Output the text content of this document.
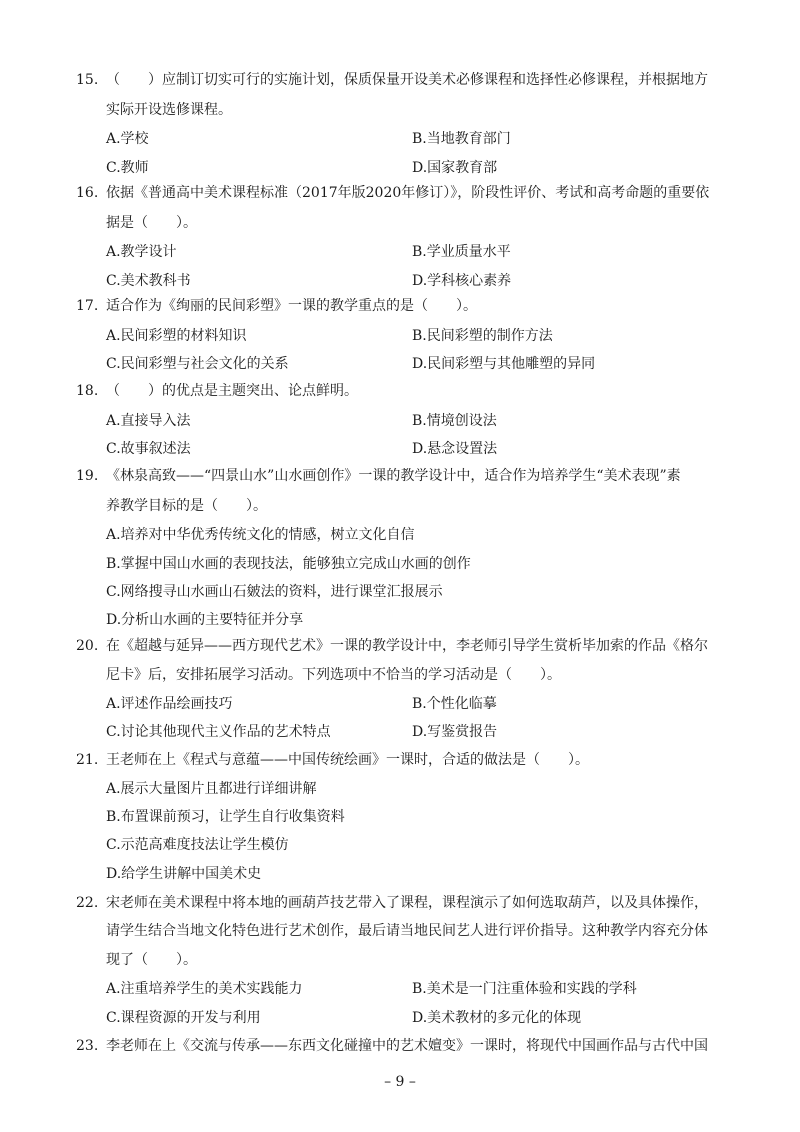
15. （　　）应制订切实可行的实施计划，保质保量开设美术必修课程和选择性必修课程，并根据地方
实际开设选修课程。
A.学校	B.当地教育部门
C.教师	D.国家教育部
16. 依据《普通高中美术课程标准（2017年版2020年修订）》，阶段性评价、考试和高考命题的重要依
据是（　　）。
A.教学设计	B.学业质量水平
C.美术教科书	D.学科核心素养
17. 适合作为《绚丽的民间彩塑》一课的教学重点的是（　　）。
A.民间彩塑的材料知识	B.民间彩塑的制作方法
C.民间彩塑与社会文化的关系	D.民间彩塑与其他雕塑的异同
18. （　　）的优点是主题突出、论点鲜明。
A.直接导入法	B.情境创设法
C.故事叙述法	D.悬念设置法
19. 《林泉高致——“四景山水”山水画创作》一课的教学设计中，适合作为培养学生“美术表现”素
养教学目标的是（　　）。
A.培养对中华优秀传统文化的情感，树立文化自信
B.掌握中国山水画的表现技法，能够独立完成山水画的创作
C.网络搜寻山水画山石皴法的资料，进行课堂汇报展示
D.分析山水画的主要特征并分享
20. 在《超越与延异——西方现代艺术》一课的教学设计中，李老师引导学生赏析毕加索的作品《格尔
尼卡》后，安排拓展学习活动。下列选项中不恰当的学习活动是（　　）。
A.评述作品绘画技巧	B.个性化临摹
C.讨论其他现代主义作品的艺术特点	D.写鉴赏报告
21. 王老师在上《程式与意蕴——中国传统绘画》一课时，合适的做法是（　　）。
A.展示大量图片且都进行详细讲解
B.布置课前预习，让学生自行收集资料
C.示范高难度技法让学生模仿
D.给学生讲解中国美术史
22. 宋老师在美术课程中将本地的画葫芦技艺带入了课程，课程演示了如何选取葫芦，以及具体操作，
请学生结合当地文化特色进行艺术创作，最后请当地民间艺人进行评价指导。这种教学内容充分体
现了（　　）。
A.注重培养学生的美术实践能力	B.美术是一门注重体验和实践的学科
C.课程资源的开发与利用	D.美术教材的多元化的体现
23. 李老师在上《交流与传承——东西文化碰撞中的艺术嬗变》一课时，将现代中国画作品与古代中国
– 9 –
